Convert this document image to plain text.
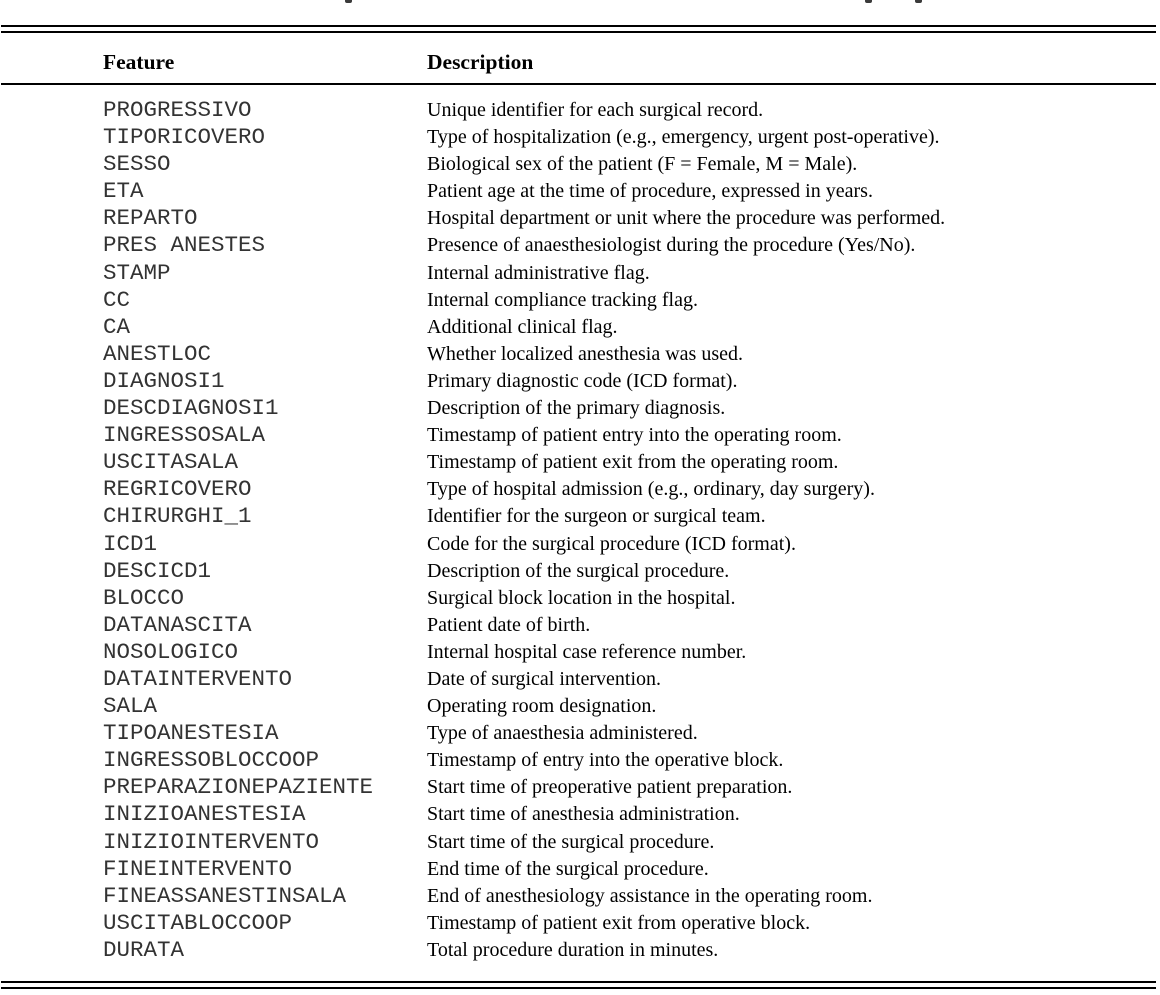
Feature	Description
PROGRESSIVO	Unique identifier for each surgical record.
TIPORICOVERO	Type of hospitalization (e.g., emergency, urgent post-operative).
SESSO	Biological sex of the patient (F = Female, M = Male).
ETA	Patient age at the time of procedure, expressed in years.
REPARTO	Hospital department or unit where the procedure was performed.
PRES ANESTES	Presence of anaesthesiologist during the procedure (Yes/No).
STAMP	Internal administrative flag.
CC	Internal compliance tracking flag.
CA	Additional clinical flag.
ANESTLOC	Whether localized anesthesia was used.
DIAGNOSI1	Primary diagnostic code (ICD format).
DESCDIAGNOSI1	Description of the primary diagnosis.
INGRESSOSALA	Timestamp of patient entry into the operating room.
USCITASALA	Timestamp of patient exit from the operating room.
REGRICOVERO	Type of hospital admission (e.g., ordinary, day surgery).
CHIRURGHI_1	Identifier for the surgeon or surgical team.
ICD1	Code for the surgical procedure (ICD format).
DESCICD1	Description of the surgical procedure.
BLOCCO	Surgical block location in the hospital.
DATANASCITA	Patient date of birth.
NOSOLOGICO	Internal hospital case reference number.
DATAINTERVENTO	Date of surgical intervention.
SALA	Operating room designation.
TIPOANESTESIA	Type of anaesthesia administered.
INGRESSOBLOCCOOP	Timestamp of entry into the operative block.
PREPARAZIONEPAZIENTE	Start time of preoperative patient preparation.
INIZIOANESTESIA	Start time of anesthesia administration.
INIZIOINTERVENTO	Start time of the surgical procedure.
FINEINTERVENTO	End time of the surgical procedure.
FINEASSANESTINSALA	End of anesthesiology assistance in the operating room.
USCITABLOCCOOP	Timestamp of patient exit from operative block.
DURATA	Total procedure duration in minutes.
